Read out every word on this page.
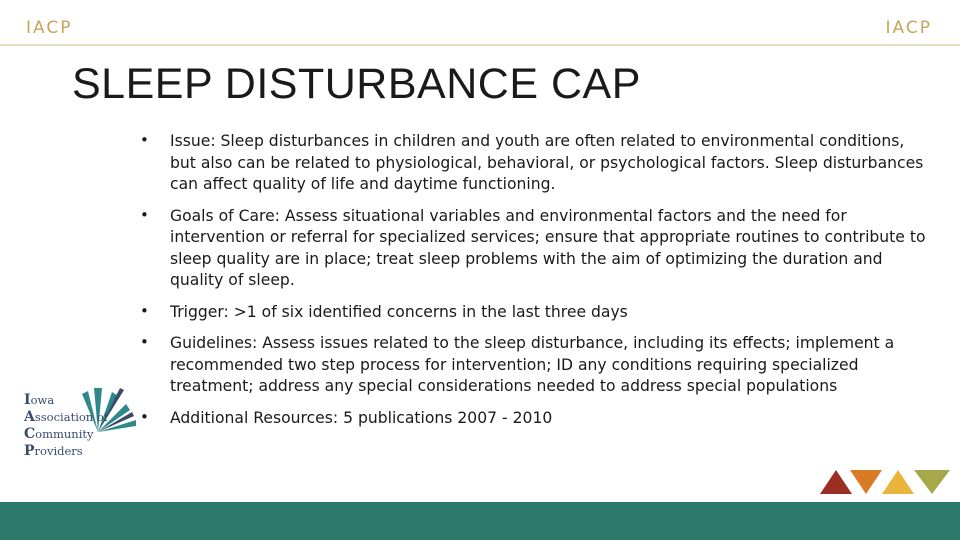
IACP	IACP
SLEEP DISTURBANCE CAP
• Issue: Sleep disturbances in children and youth are often related to environmental conditions, but also can be related to physiological, behavioral, or psychological factors. Sleep disturbances can affect quality of life and daytime functioning.
• Goals of Care: Assess situational variables and environmental factors and the need for intervention or referral for specialized services; ensure that appropriate routines to contribute to sleep quality are in place; treat sleep problems with the aim of optimizing the duration and quality of sleep.
• Trigger: >1 of six identified concerns in the last three days
• Guidelines: Assess issues related to the sleep disturbance, including its effects; implement a recommended two step process for intervention; ID any conditions requiring specialized treatment; address any special considerations needed to address special populations
• Additional Resources: 5 publications 2007 - 2010
Iowa
Association of
Community
Providers
